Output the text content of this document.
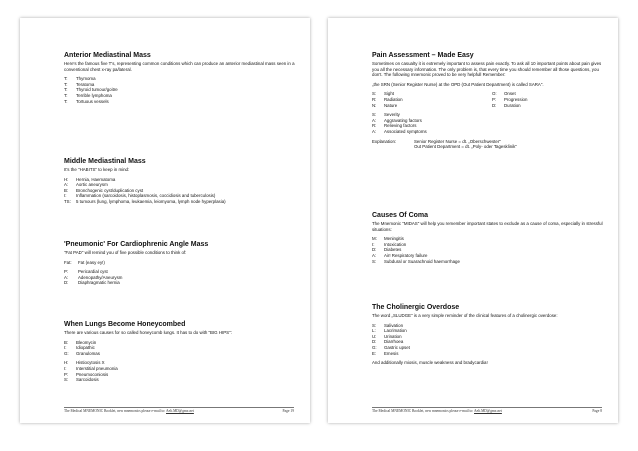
Anterior Mediastinal Mass
Here's the famous five T's, representing common conditions which can produce an anterior mediastinal mass seen in a conventional chest x-ray pa/lateral.
T:	Thymoma
T:	Teratoma
T:	Thyroid tumour/goitre
T:	Terrible lymphoma
T:	Tortuous vessels
Middle Mediastinal Mass
It's the "HABITS" to keep in mind:
H:	Hernia, Haematoma
A:	Aortic aneurysm
B:	Bronchogenic cyst/duplication cyst
I:	Inflammation (sarcoidosis, histoplasmosis, coccidiosis and tuberculosis)
TS:	5 tumours (lung, lymphoma, leukaemia, leiomyoma, lymph node hyperplasia)
'Pneumonic' For Cardiophrenic Angle Mass
"Fat PAD" will remind you of five possible conditions to think of:
Fat:	Fat (easy ey!)
P:	Pericardial cyst
A:	Adenopathy/Aneurysm
D:	Diaphragmatic hernia
When Lungs Become Honeycombed
There are various causes for so called honeycomb lungs. It has to do with "BIG HIPS":
B:	Bleomycin
I:	Idiopathic
G:	Granulomas
H:	Histiocytosis X
I:	Interstitial pneumonia
P:	Pneumoconiosis
S:	Sarcoidosis
The Medical MNEMONIC Booklet, new mnemonics please e-mail to: Aelt.MD@gmx.net	Page 19
Pain Assessment – Made Easy
Sometimes on casualty it is extremely important to assess pain exactly. To ask all 10 important points about pain gives you all the necessary information. The only problem is, that every time you should remember all those questions, you don't. The following mnemonic proved to be very helpfull Remember:
„the SRN (Senior Register Nurse) at the OPD (Out Patient Department) is called SARA".
S:	Sight
R:	Radiation
N:	Nature
O:	Onset
P:	Progression
D:	Duration
S:	Severity
A:	Aggravating factors
R:	Relieving factors
A:	Associated symptoms
Explanation:	Senior Register Nurse = dt. „Oberschwester"
Out Patient Department = dt. „Poly- oder Tagesklinik"
Causes Of Coma
The Mnemonic "MIDAS" will help you remember important states to exclude as a cause of coma, especially in stressful situations:
M:	Meningitis
I:	Intoxication
D:	Diabetes
A:	Air! Respiratory failure
S:	Subdural or Suarachnoid haemorrhage
The Cholinergic Overdose
The word „SLUDGE" is a very simple reminder of the clinical features of a cholinergic overdose:
S:	Salivation
L:	Lacrimation
U:	Urination
D:	Diarrhoea
G:	Gastric upset
E:	Emesis
And additionally miosis, muscle weakness and bradycardia!
The Medical MNEMONIC Booklet, new mnemonics please e-mail to: Aelt.MD@gmx.net	Page 8
